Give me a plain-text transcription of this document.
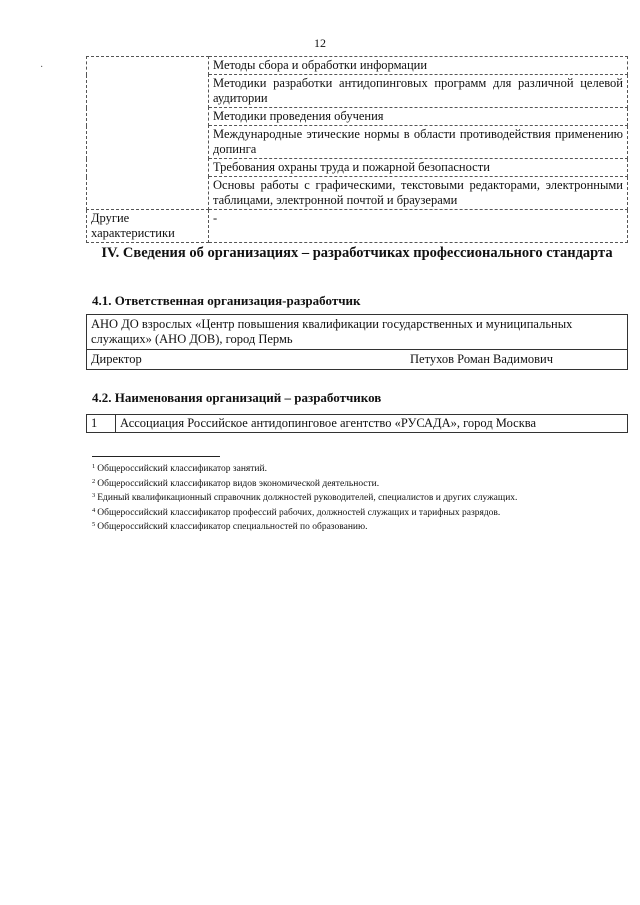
12
·
		Методы сбора и обработки информации
	Методики разработки антидопинговых программ для различной целевой аудитории
	Методики проведения обучения
	Международные этические нормы в области противодействия применению допинга
	Требования охраны труда и пожарной безопасности
	Основы работы с графическими, текстовыми редакторами, электронными таблицами, электронной почтой и браузерами
Другие характеристики	-
IV. Сведения об организациях – разработчиках профессионального стандарта
4.1. Ответственная организация-разработчик
АНО ДО взрослых «Центр повышения квалификации государственных и муниципальных служащих» (АНО ДОВ), город Пермь
Директор	Петухов Роман Вадимович
4.2. Наименования организаций – разработчиков
1	Ассоциация Российское антидопинговое агентство «РУСАДА», город Москва
$^1$ Общероссийский классификатор занятий.
$^2$ Общероссийский классификатор видов экономической деятельности.
$^3$ Единый квалификационный справочник должностей руководителей, специалистов и других служащих.
$^4$ Общероссийский классификатор профессий рабочих, должностей служащих и тарифных разрядов.
$^5$ Общероссийский классификатор специальностей по образованию.
